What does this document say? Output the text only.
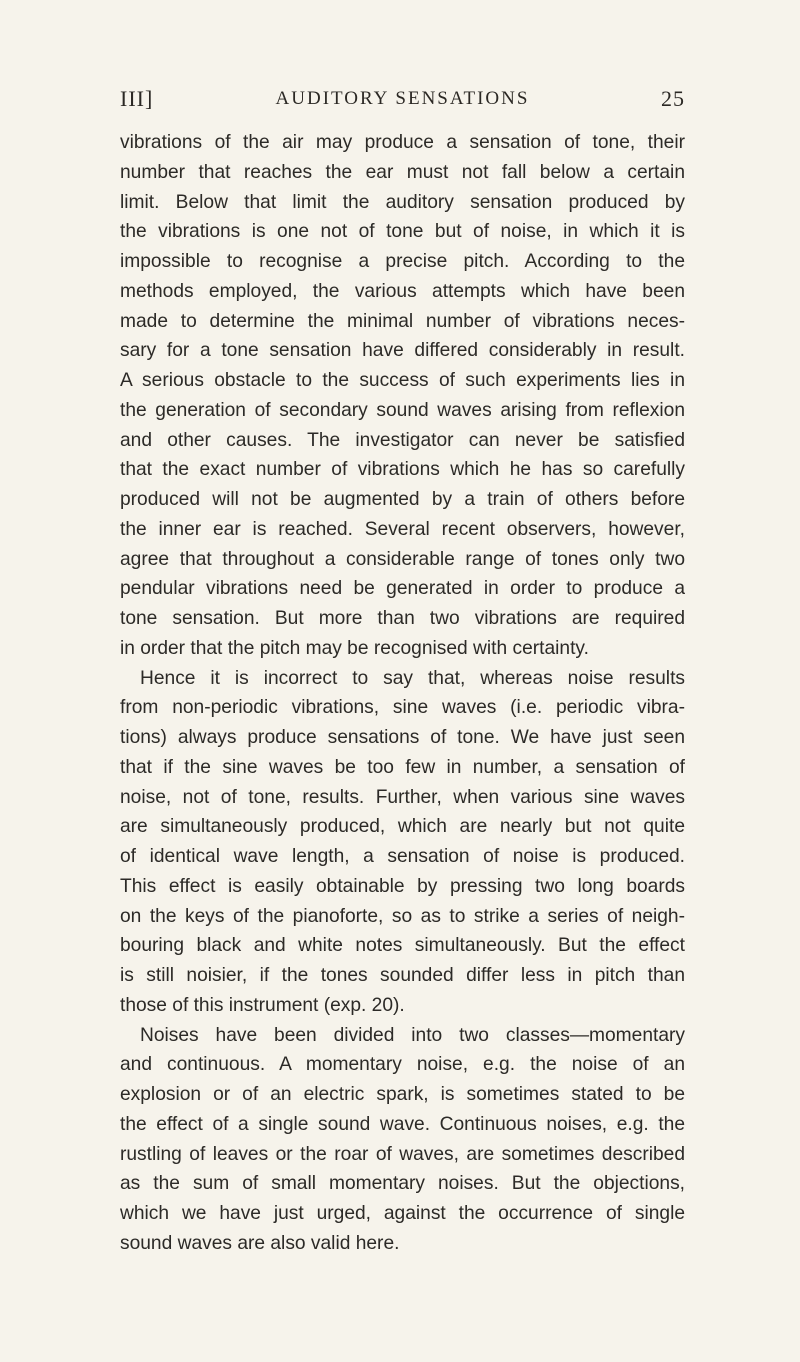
III]	AUDITORY SENSATIONS	25
vibrations of the air may produce a sensation of tone, their
number that reaches the ear must not fall below a certain
limit. Below that limit the auditory sensation produced by
the vibrations is one not of tone but of noise, in which it is
impossible to recognise a precise pitch. According to the
methods employed, the various attempts which have been
made to determine the minimal number of vibrations neces-
sary for a tone sensation have differed considerably in result.
A serious obstacle to the success of such experiments lies in
the generation of secondary sound waves arising from reflexion
and other causes. The investigator can never be satisfied
that the exact number of vibrations which he has so carefully
produced will not be augmented by a train of others before
the inner ear is reached. Several recent observers, however,
agree that throughout a considerable range of tones only two
pendular vibrations need be generated in order to produce a
tone sensation. But more than two vibrations are required
in order that the pitch may be recognised with certainty.
Hence it is incorrect to say that, whereas noise results
from non-periodic vibrations, sine waves (i.e. periodic vibra-
tions) always produce sensations of tone. We have just seen
that if the sine waves be too few in number, a sensation of
noise, not of tone, results. Further, when various sine waves
are simultaneously produced, which are nearly but not quite
of identical wave length, a sensation of noise is produced.
This effect is easily obtainable by pressing two long boards
on the keys of the pianoforte, so as to strike a series of neigh-
bouring black and white notes simultaneously. But the effect
is still noisier, if the tones sounded differ less in pitch than
those of this instrument (exp. 20).
Noises have been divided into two classes—momentary
and continuous. A momentary noise, e.g. the noise of an
explosion or of an electric spark, is sometimes stated to be
the effect of a single sound wave. Continuous noises, e.g. the
rustling of leaves or the roar of waves, are sometimes described
as the sum of small momentary noises. But the objections,
which we have just urged, against the occurrence of single
sound waves are also valid here.
